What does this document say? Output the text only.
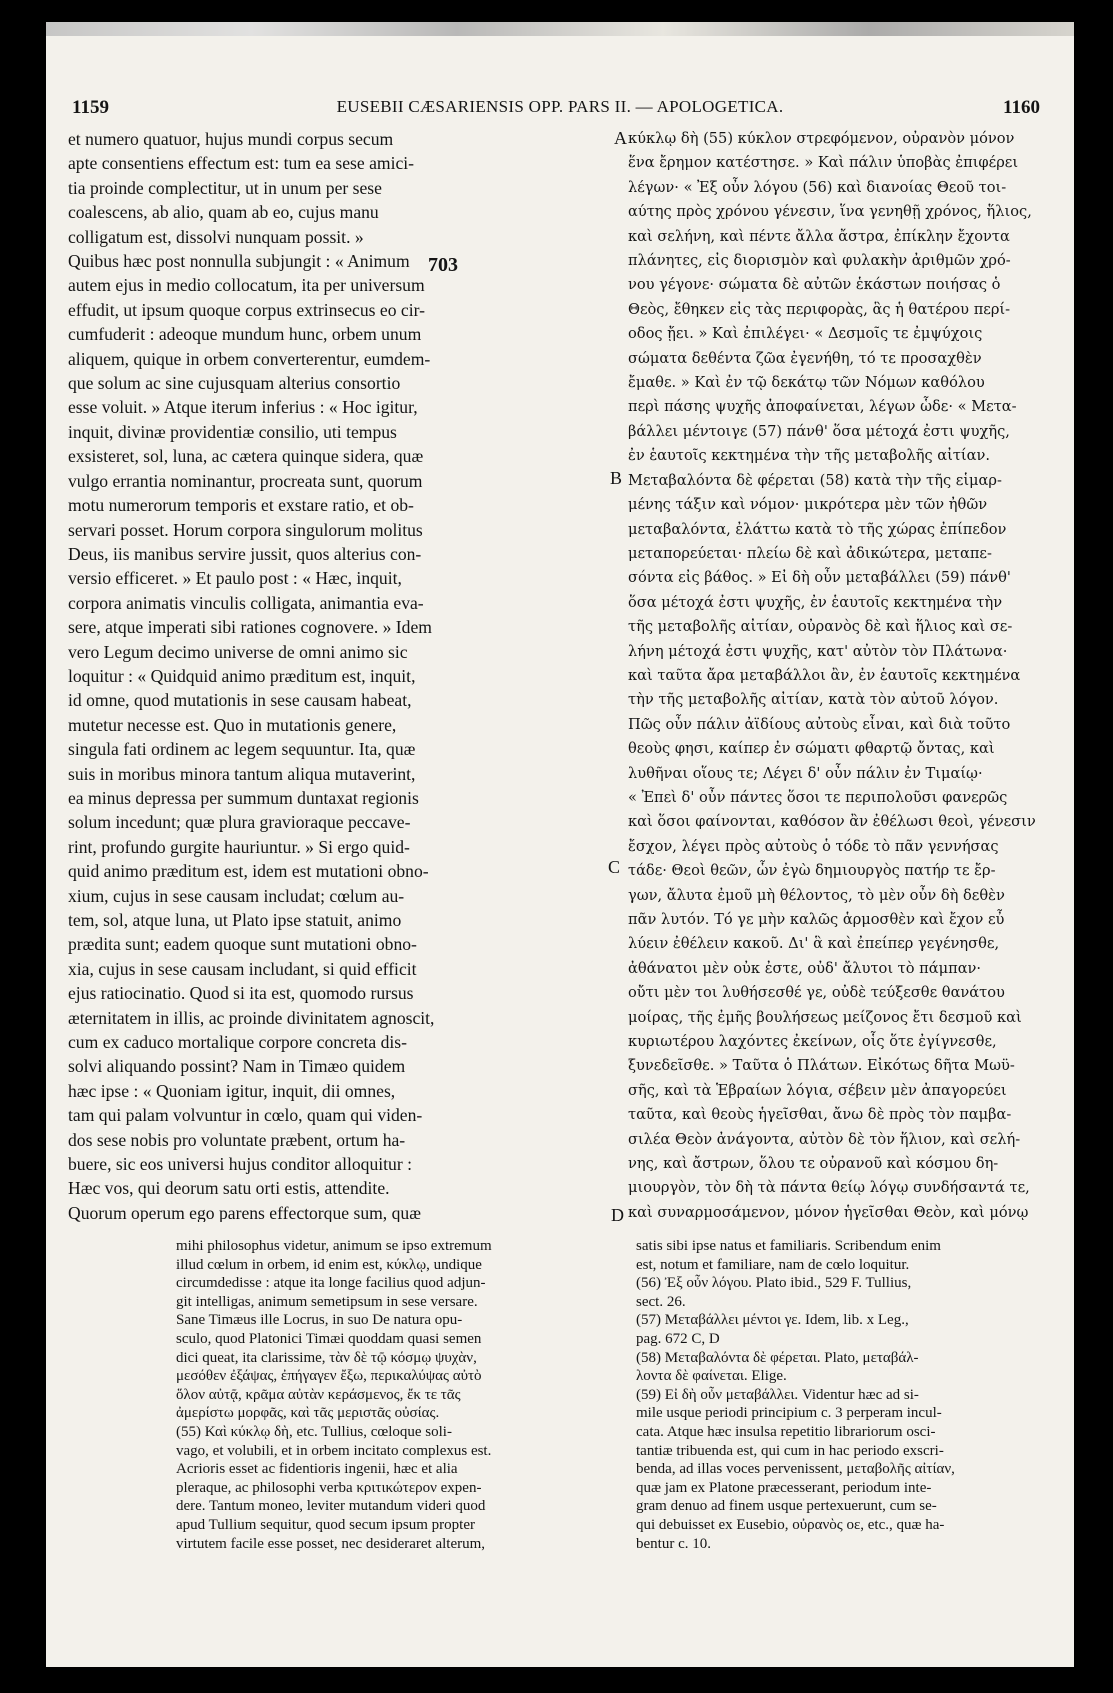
1159	EUSEBII CÆSARIENSIS OPP. PARS II. — APOLOGETICA.	1160
et numero quatuor, hujus mundi corpus secum
apte consentiens effectum est: tum ea sese amici-
tia proinde complectitur, ut in unum per sese
coalescens, ab alio, quam ab eo, cujus manu
colligatum est, dissolvi nunquam possit. »
Quibus hæc post nonnulla subjungit : « Animum
autem ejus in medio collocatum, ita per universum
effudit, ut ipsum quoque corpus extrinsecus eo cir-
cumfuderit : adeoque mundum hunc, orbem unum
aliquem, quique in orbem converterentur, eumdem-
que solum ac sine cujusquam alterius consortio
esse voluit. » Atque iterum inferius : « Hoc igitur,
inquit, divinæ providentiæ consilio, uti tempus
exsisteret, sol, luna, ac cætera quinque sidera, quæ
vulgo errantia nominantur, procreata sunt, quorum
motu numerorum temporis et exstare ratio, et ob-
servari posset. Horum corpora singulorum molitus
Deus, iis manibus servire jussit, quos alterius con-
versio efficeret. » Et paulo post : « Hæc, inquit,
corpora animatis vinculis colligata, animantia eva-
sere, atque imperati sibi rationes cognovere. » Idem
vero Legum decimo universe de omni animo sic
loquitur : « Quidquid animo præditum est, inquit,
id omne, quod mutationis in sese causam habeat,
mutetur necesse est. Quo in mutationis genere,
singula fati ordinem ac legem sequuntur. Ita, quæ
suis in moribus minora tantum aliqua mutaverint,
ea minus depressa per summum duntaxat regionis
solum incedunt; quæ plura gravioraque peccave-
rint, profundo gurgite hauriuntur. » Si ergo quid-
quid animo præditum est, idem est mutationi obno-
xium, cujus in sese causam includat; cœlum au-
tem, sol, atque luna, ut Plato ipse statuit, animo
prædita sunt; eadem quoque sunt mutationi obno-
xia, cujus in sese causam includant, si quid efficit
ejus ratiocinatio. Quod si ita est, quomodo rursus
æternitatem in illis, ac proinde divinitatem agnoscit,
cum ex caduco mortalique corpore concreta dis-
solvi aliquando possint? Nam in Timæo quidem
hæc ipse : « Quoniam igitur, inquit, dii omnes,
tam qui palam volvuntur in cœlo, quam qui viden-
dos sese nobis pro voluntate præbent, ortum ha-
buere, sic eos universi hujus conditor alloquitur :
Hæc vos, qui deorum satu orti estis, attendite.
Quorum operum ego parens effectorque sum, quæ
κύκλῳ δὴ (55) κύκλον στρεφόμενον, οὐρανὸν μόνον
ἕνα ἔρημον κατέστησε. » Καὶ πάλιν ὑποβὰς ἐπιφέρει
λέγων· « Ἐξ οὖν λόγου (56) καὶ διανοίας Θεοῦ τοι-
αύτης πρὸς χρόνου γένεσιν, ἵνα γενηθῇ χρόνος, ἥλιος,
καὶ σελήνη, καὶ πέντε ἄλλα ἄστρα, ἐπίκλην ἔχοντα
πλάνητες, εἰς διορισμὸν καὶ φυλακὴν ἀριθμῶν χρό-
νου γέγονε· σώματα δὲ αὐτῶν ἑκάστων ποιήσας ὁ
Θεὸς, ἔθηκεν εἰς τὰς περιφορὰς, ἃς ἡ θατέρου περί-
οδος ᾔει. » Καὶ ἐπιλέγει· « Δεσμοῖς τε ἐμψύχοις
σώματα δεθέντα ζῶα ἐγενήθη, τό τε προσαχθὲν
ἔμαθε. » Καὶ ἐν τῷ δεκάτῳ τῶν Νόμων καθόλου
περὶ πάσης ψυχῆς ἀποφαίνεται, λέγων ὧδε· « Μετα-
βάλλει μέντοιγε (57) πάνθ' ὅσα μέτοχά ἐστι ψυχῆς,
ἐν ἑαυτοῖς κεκτημένα τὴν τῆς μεταβολῆς αἰτίαν.
Μεταβαλόντα δὲ φέρεται (58) κατὰ τὴν τῆς εἱμαρ-
μένης τάξιν καὶ νόμον· μικρότερα μὲν τῶν ἠθῶν
μεταβαλόντα, ἐλάττω κατὰ τὸ τῆς χώρας ἐπίπεδον
μεταπορεύεται· πλείω δὲ καὶ ἀδικώτερα, μεταπε-
σόντα εἰς βάθος. » Εἰ δὴ οὖν μεταβάλλει (59) πάνθ'
ὅσα μέτοχά ἐστι ψυχῆς, ἐν ἑαυτοῖς κεκτημένα τὴν
τῆς μεταβολῆς αἰτίαν, οὐρανὸς δὲ καὶ ἥλιος καὶ σε-
λήνη μέτοχά ἐστι ψυχῆς, κατ' αὐτὸν τὸν Πλάτωνα·
καὶ ταῦτα ἄρα μεταβάλλοι ἂν, ἐν ἑαυτοῖς κεκτημένα
τὴν τῆς μεταβολῆς αἰτίαν, κατὰ τὸν αὐτοῦ λόγον.
Πῶς οὖν πάλιν ἀϊδίους αὐτοὺς εἶναι, καὶ διὰ τοῦτο
θεοὺς φησι, καίπερ ἐν σώματι φθαρτῷ ὄντας, καὶ
λυθῆναι οἵους τε; Λέγει δ' οὖν πάλιν ἐν Τιμαίῳ·
« Ἐπεὶ δ' οὖν πάντες ὅσοι τε περιπολοῦσι φανερῶς
καὶ ὅσοι φαίνονται, καθόσον ἂν ἐθέλωσι θεοὶ, γένεσιν
ἔσχον, λέγει πρὸς αὐτοὺς ὁ τόδε τὸ πᾶν γεννήσας
τάδε· Θεοὶ θεῶν, ὧν ἐγὼ δημιουργὸς πατήρ τε ἔρ-
γων, ἄλυτα ἐμοῦ μὴ θέλοντος, τὸ μὲν οὖν δὴ δεθὲν
πᾶν λυτόν. Τό γε μὴν καλῶς ἁρμοσθὲν καὶ ἔχον εὖ
λύειν ἐθέλειν κακοῦ. Δι' ἃ καὶ ἐπείπερ γεγένησθε,
ἀθάνατοι μὲν οὐκ ἐστε, οὐδ' ἄλυτοι τὸ πάμπαν·
οὔτι μὲν τοι λυθήσεσθέ γε, οὐδὲ τεύξεσθε θανάτου
μοίρας, τῆς ἐμῆς βουλήσεως μείζονος ἔτι δεσμοῦ καὶ
κυριωτέρου λαχόντες ἐκείνων, οἷς ὅτε ἐγίγνεσθε,
ξυνεδεῖσθε. » Ταῦτα ὁ Πλάτων. Εἰκότως δῆτα Μωϋ-
σῆς, καὶ τὰ Ἑβραίων λόγια, σέβειν μὲν ἀπαγορεύει
ταῦτα, καὶ θεοὺς ἡγεῖσθαι, ἄνω δὲ πρὸς τὸν παμβα-
σιλέα Θεὸν ἀνάγοντα, αὐτὸν δὲ τὸν ἥλιον, καὶ σελή-
νης, καὶ ἄστρων, ὅλου τε οὐρανοῦ καὶ κόσμου δη-
μιουργὸν, τὸν δὴ τὰ πάντα θείῳ λόγῳ συνδήσαντά τε,
καὶ συναρμοσάμενον, μόνον ἡγεῖσθαι Θεὸν, καὶ μόνῳ
A
B
C
D
mihi philosophus videtur, animum se ipso extremum
illud cœlum in orbem, id enim est, κύκλῳ, undique
circumdedisse : atque ita longe facilius quod adjun-
git intelligas, animum semetipsum in sese versare.
Sane Timæus ille Locrus, in suo De natura opu-
sculo, quod Platonici Timæi quoddam quasi semen
dici queat, ita clarissime, τὰν δὲ τῷ κόσμῳ ψυχὰν,
μεσόθεν ἐξάψας, ἐπήγαγεν ἔξω, περικαλύψας αὐτὸ
ὅλον αὐτᾷ, κρᾶμα αὐτὰν κεράσμενος, ἔκ τε τᾶς
ἀμερίστω μορφᾶς, καὶ τᾶς μεριστᾶς οὐσίας.
(55) Καὶ κύκλῳ δὴ, etc. Tullius, cœloque soli-
vago, et volubili, et in orbem incitato complexus est.
Acrioris esset ac fidentioris ingenii, hæc et alia
pleraque, ac philosophi verba κριτικώτερον expen-
dere. Tantum moneo, leviter mutandum videri quod
apud Tullium sequitur, quod secum ipsum propter
virtutem facile esse posset, nec desideraret alterum,
satis sibi ipse natus et familiaris. Scribendum enim
est, notum et familiare, nam de cœlo loquitur.
(56) Ἐξ οὖν λόγου. Plato ibid., 529 F. Tullius,
sect. 26.
(57) Μεταβάλλει μέντοι γε. Idem, lib. x Leg.,
pag. 672 C, D
(58) Μεταβαλόντα δὲ φέρεται. Plato, μεταβάλ-
λοντα δὲ φαίνεται. Elige.
(59) Εἰ δὴ οὖν μεταβάλλει. Videntur hæc ad si-
mile usque periodi principium c. 3 perperam incul-
cata. Atque hæc insulsa repetitio librariorum osci-
tantiæ tribuenda est, qui cum in hac periodo exscri-
benda, ad illas voces pervenissent, μεταβολῆς αἰτίαν,
quæ jam ex Platone præcesserant, periodum inte-
gram denuo ad finem usque pertexuerunt, cum se-
qui debuisset ex Eusebio, οὐρανὸς οε, etc., quæ ha-
bentur c. 10.
703
